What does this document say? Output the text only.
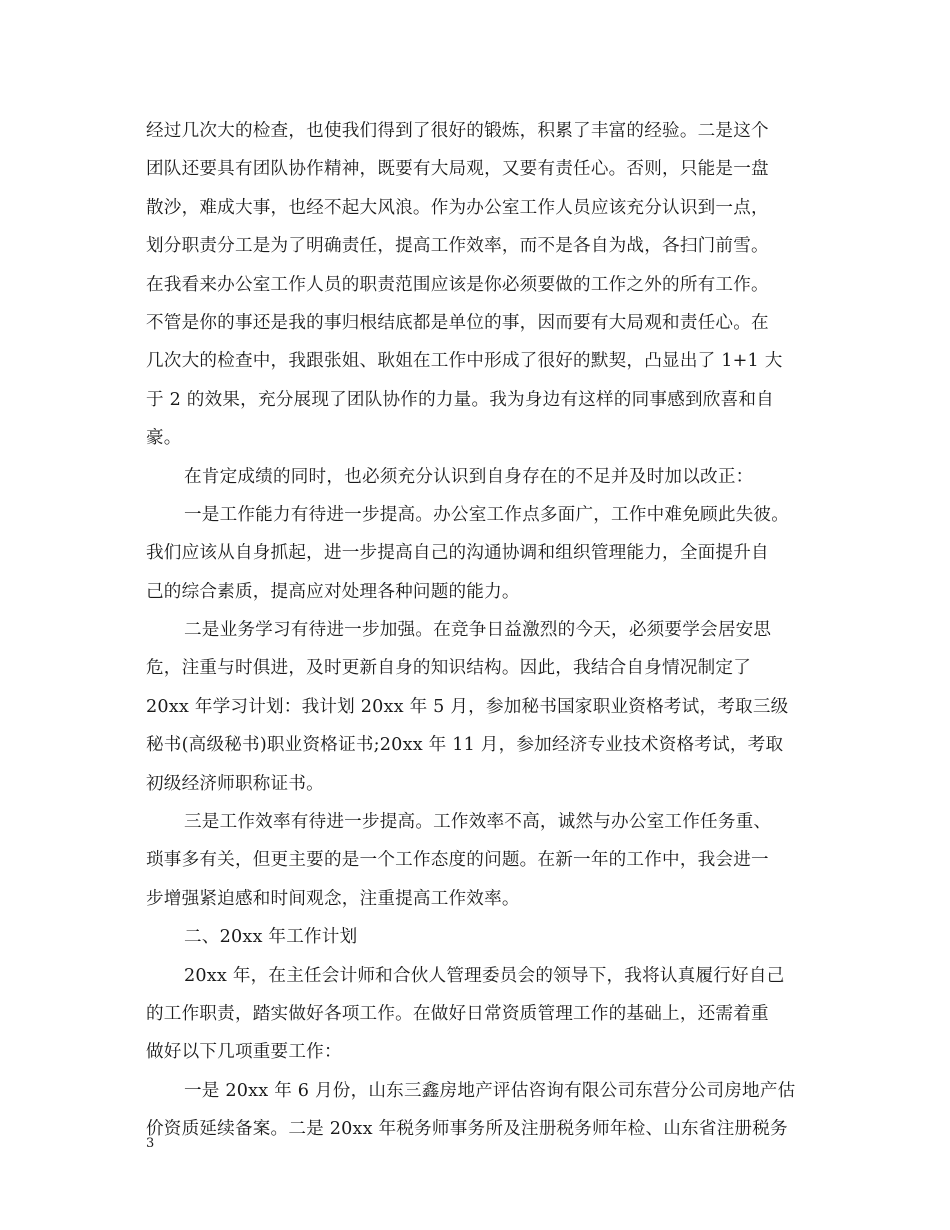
经过几次大的检查，也使我们得到了很好的锻炼，积累了丰富的经验。二是这个
团队还要具有团队协作精神，既要有大局观，又要有责任心。否则，只能是一盘
散沙，难成大事，也经不起大风浪。作为办公室工作人员应该充分认识到一点，
划分职责分工是为了明确责任，提高工作效率，而不是各自为战，各扫门前雪。
在我看来办公室工作人员的职责范围应该是你必须要做的工作之外的所有工作。
不管是你的事还是我的事归根结底都是单位的事，因而要有大局观和责任心。在
几次大的检查中，我跟张姐、耿姐在工作中形成了很好的默契，凸显出了 1+1 大
于 2 的效果，充分展现了团队协作的力量。我为身边有这样的同事感到欣喜和自
豪。
在肯定成绩的同时，也必须充分认识到自身存在的不足并及时加以改正：
一是工作能力有待进一步提高。办公室工作点多面广，工作中难免顾此失彼。
我们应该从自身抓起，进一步提高自己的沟通协调和组织管理能力，全面提升自
己的综合素质，提高应对处理各种问题的能力。
二是业务学习有待进一步加强。在竞争日益激烈的今天，必须要学会居安思
危，注重与时俱进，及时更新自身的知识结构。因此，我结合自身情况制定了
20xx 年学习计划：我计划 20xx 年 5 月，参加秘书国家职业资格考试，考取三级
秘书(高级秘书)职业资格证书;20xx 年 11 月，参加经济专业技术资格考试，考取
初级经济师职称证书。
三是工作效率有待进一步提高。工作效率不高，诚然与办公室工作任务重、
琐事多有关，但更主要的是一个工作态度的问题。在新一年的工作中，我会进一
步增强紧迫感和时间观念，注重提高工作效率。
二、20xx 年工作计划
20xx 年，在主任会计师和合伙人管理委员会的领导下，我将认真履行好自己
的工作职责，踏实做好各项工作。在做好日常资质管理工作的基础上，还需着重
做好以下几项重要工作：
一是 20xx 年 6 月份，山东三鑫房地产评估咨询有限公司东营分公司房地产估
价资质延续备案。二是 20xx 年税务师事务所及注册税务师年检、山东省注册税务
3
